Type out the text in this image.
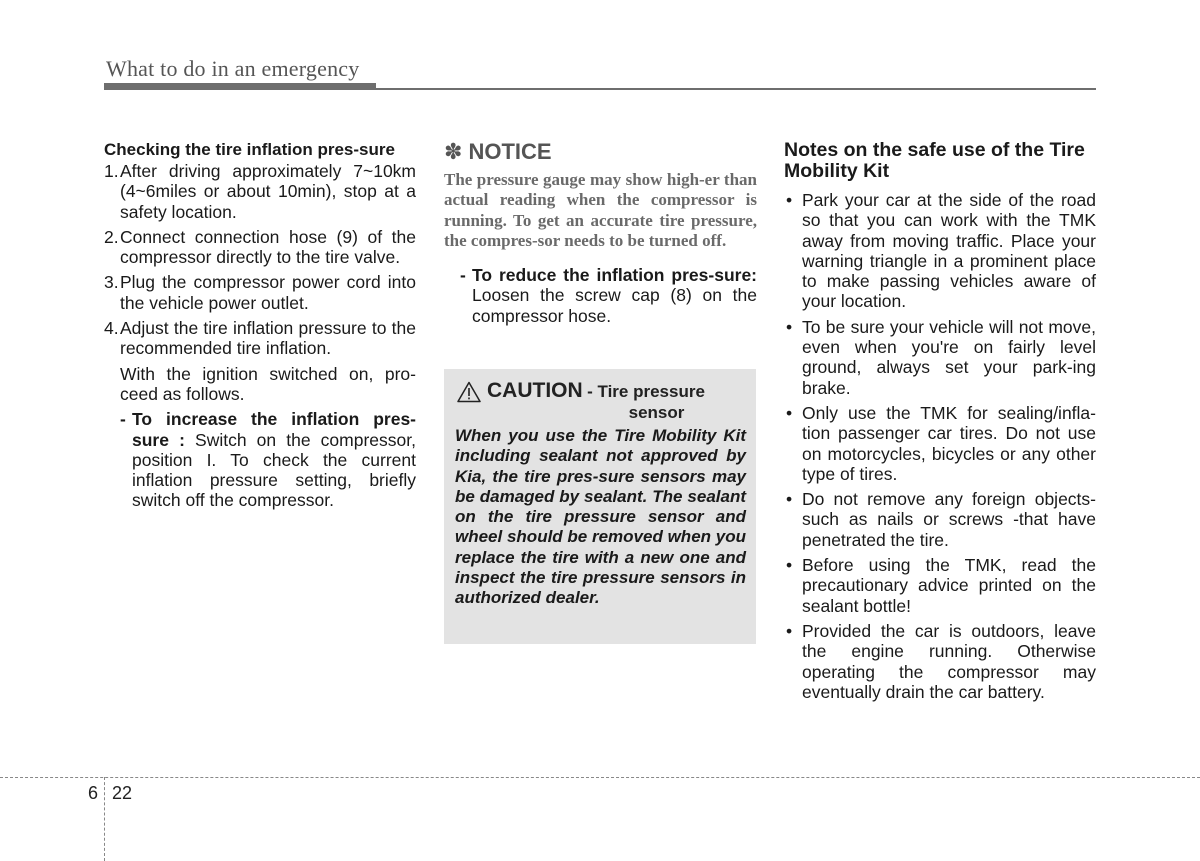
What to do in an emergency
Checking the tire inflation pres-sure
1. After driving approximately 7~10km (4~6miles or about 10min), stop at a safety location.
2. Connect connection hose (9) of the compressor directly to the tire valve.
3. Plug the compressor power cord into the vehicle power outlet.
4. Adjust the tire inflation pressure to the recommended tire inflation.

With the ignition switched on, pro-ceed as follows.

- To increase the inflation pres-sure : Switch on the compressor, position I. To check the current inflation pressure setting, briefly switch off the compressor.
✽ NOTICE

The pressure gauge may show high-er than actual reading when the compressor is running. To get an accurate tire pressure, the compres-sor needs to be turned off.

- To reduce the inflation pres-sure: Loosen the screw cap (8) on the compressor hose.
CAUTION - Tire pressure
sensor
When you use the Tire Mobility Kit including sealant not approved by Kia, the tire pres-sure sensors may be damaged by sealant. The sealant on the tire pressure sensor and wheel should be removed when you replace the tire with a new one and inspect the tire pressure sensors in authorized dealer.
Notes on the safe use of the Tire Mobility Kit
• Park your car at the side of the road so that you can work with the TMK away from moving traffic. Place your warning triangle in a prominent place to make passing vehicles aware of your location.
• To be sure your vehicle will not move, even when you're on fairly level ground, always set your park-ing brake.
• Only use the TMK for sealing/infla-tion passenger car tires. Do not use on motorcycles, bicycles or any other type of tires.
• Do not remove any foreign objects-such as nails or screws -that have penetrated the tire.
• Before using the TMK, read the precautionary advice printed on the sealant bottle!
• Provided the car is outdoors, leave the engine running. Otherwise operating the compressor may eventually drain the car battery.
6 22
